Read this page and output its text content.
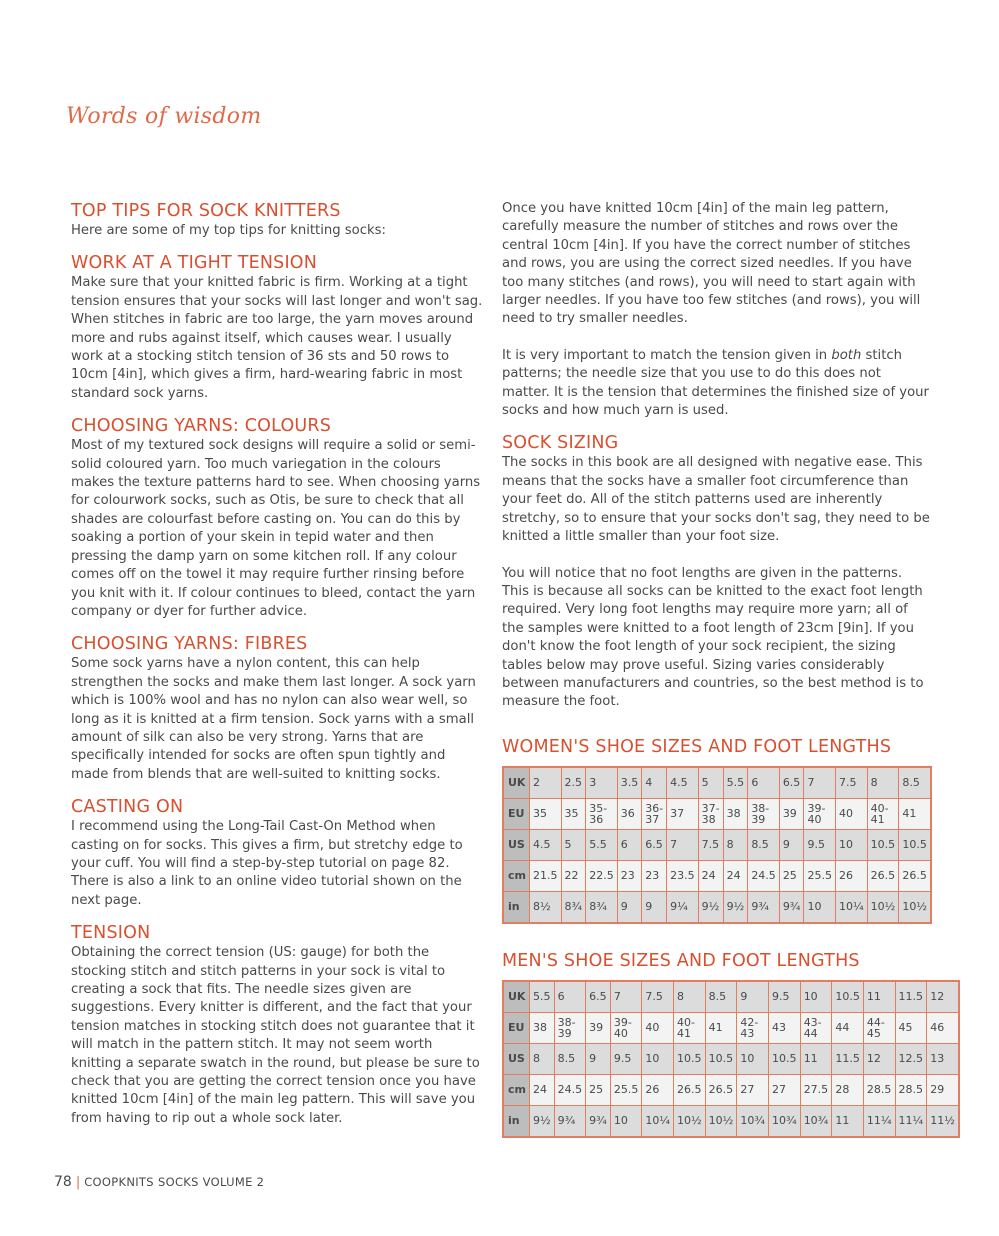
Words of wisdom
TOP TIPS FOR SOCK KNITTERS

Here are some of my top tips for knitting socks:

WORK AT A TIGHT TENSION

Make sure that your knitted fabric is firm. Working at a tight tension ensures that your socks will last longer and won't sag. When stitches in fabric are too large, the yarn moves around more and rubs against itself, which causes wear. I usually work at a stocking stitch tension of 36 sts and 50 rows to 10cm [4in], which gives a firm, hard-wearing fabric in most standard sock yarns.

CHOOSING YARNS: COLOURS

Most of my textured sock designs will require a solid or semi-solid coloured yarn. Too much variegation in the colours makes the texture patterns hard to see. When choosing yarns for colourwork socks, such as Otis, be sure to check that all shades are colourfast before casting on. You can do this by soaking a portion of your skein in tepid water and then pressing the damp yarn on some kitchen roll. If any colour comes off on the towel it may require further rinsing before you knit with it. If colour continues to bleed, contact the yarn company or dyer for further advice.

CHOOSING YARNS: FIBRES

Some sock yarns have a nylon content, this can help strengthen the socks and make them last longer. A sock yarn which is 100% wool and has no nylon can also wear well, so long as it is knitted at a firm tension. Sock yarns with a small amount of silk can also be very strong. Yarns that are specifically intended for socks are often spun tightly and made from blends that are well-suited to knitting socks.

CASTING ON

I recommend using the Long-Tail Cast-On Method when casting on for socks. This gives a firm, but stretchy edge to your cuff. You will find a step-by-step tutorial on page 82. There is also a link to an online video tutorial shown on the next page.

TENSION

Obtaining the correct tension (US: gauge) for both the stocking stitch and stitch patterns in your sock is vital to creating a sock that fits. The needle sizes given are suggestions. Every knitter is different, and the fact that your tension matches in stocking stitch does not guarantee that it will match in the pattern stitch. It may not seem worth knitting a separate swatch in the round, but please be sure to check that you are getting the correct tension once you have knitted 10cm [4in] of the main leg pattern. This will save you from having to rip out a whole sock later.

Once you have knitted 10cm [4in] of the main leg pattern, carefully measure the number of stitches and rows over the central 10cm [4in]. If you have the correct number of stitches and rows, you are using the correct sized needles. If you have too many stitches (and rows), you will need to start again with larger needles. If you have too few stitches (and rows), you will need to try smaller needles.

It is very important to match the tension given in both stitch patterns; the needle size that you use to do this does not matter. It is the tension that determines the finished size of your socks and how much yarn is used.

SOCK SIZING

The socks in this book are all designed with negative ease. This means that the socks have a smaller foot circumference than your feet do. All of the stitch patterns used are inherently stretchy, so to ensure that your socks don't sag, they need to be knitted a little smaller than your foot size.

You will notice that no foot lengths are given in the patterns. This is because all socks can be knitted to the exact foot length required. Very long foot lengths may require more yarn; all of the samples were knitted to a foot length of 23cm [9in]. If you don't know the foot length of your sock recipient, the sizing tables below may prove useful. Sizing varies considerably between manufacturers and countries, so the best method is to measure the foot.

WOMEN'S SHOE SIZES AND FOOT LENGTHS
UK	2	2.5	3	3.5	4	4.5	5	5.5	6	6.5	7	7.5	8	8.5
EU	35	35	35-36	36	36-37	37	37-38	38	38-39	39	39-40	40	40-41	41
US	4.5	5	5.5	6	6.5	7	7.5	8	8.5	9	9.5	10	10.5	10.5
cm	21.5	22	22.5	23	23	23.5	24	24	24.5	25	25.5	26	26.5	26.5
in	8½	8¾	8¾	9	9	9¼	9½	9½	9¾	9¾	10	10¼	10½	10½
MEN'S SHOE SIZES AND FOOT LENGTHS
UK	5.5	6	6.5	7	7.5	8	8.5	9	9.5	10	10.5	11	11.5	12
EU	38	38-39	39	39-40	40	40-41	41	42-43	43	43-44	44	44-45	45	46
US	8	8.5	9	9.5	10	10.5	10.5	10	10.5	11	11.5	12	12.5	13
cm	24	24.5	25	25.5	26	26.5	26.5	27	27	27.5	28	28.5	28.5	29
in	9½	9¾	9¾	10	10¼	10½	10½	10¾	10¾	10¾	11	11¼	11¼	11½
78 | COOPKNITS SOCKS VOLUME 2
